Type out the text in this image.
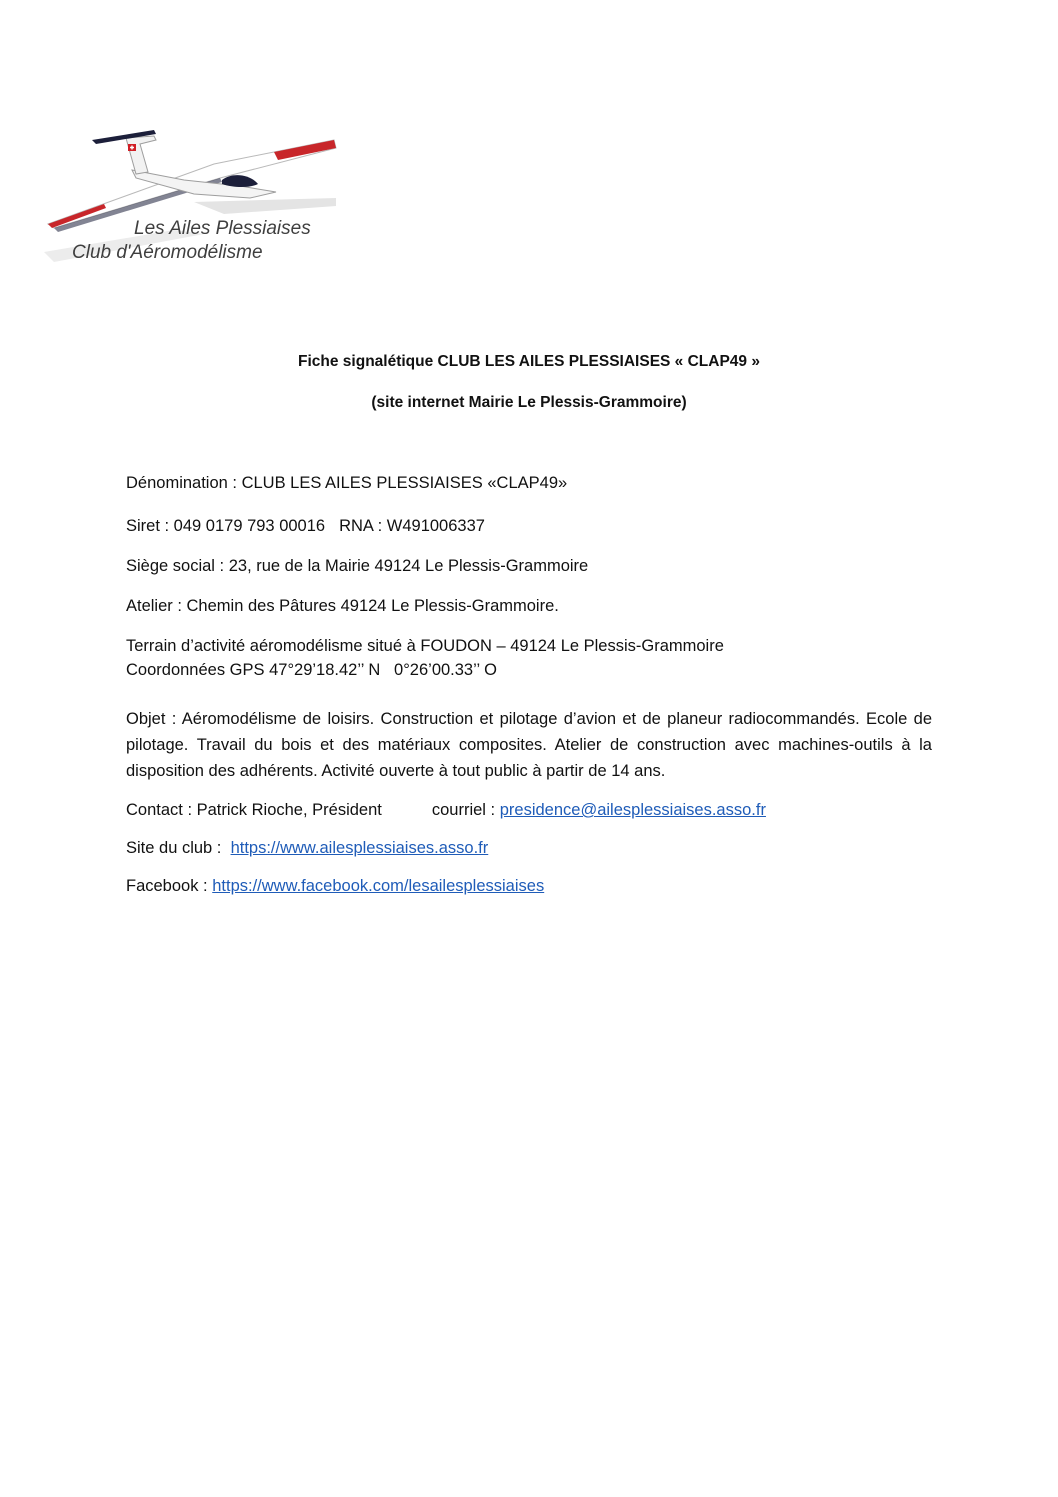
Les Ailes Plessiaises
Club d'Aéromodélisme
Fiche signalétique CLUB LES AILES PLESSIAISES « CLAP49 »
(site internet Mairie Le Plessis-Grammoire)
Dénomination : CLUB LES AILES PLESSIAISES «CLAP49»
Siret : 049 0179 793 00016 RNA : W491006337
Siège social : 23, rue de la Mairie 49124 Le Plessis-Grammoire
Atelier : Chemin des Pâtures 49124 Le Plessis-Grammoire.
Terrain d’activité aéromodélisme situé à FOUDON – 49124 Le Plessis-Grammoire
Coordonnées GPS 47°29’18.42’’ N   0°26’00.33’’ O
Objet : Aéromodélisme de loisirs. Construction et pilotage d’avion et de planeur radiocommandés. Ecole de pilotage. Travail du bois et des matériaux composites. Atelier de construction avec machines-outils à la disposition des adhérents. Activité ouverte à tout public à partir de 14 ans.
Contact : Patrick Rioche, Président	courriel : presidence@ailesplessiaises.asso.fr
Site du club :  https://www.ailesplessiaises.asso.fr
Facebook : https://www.facebook.com/lesailesplessiaises
